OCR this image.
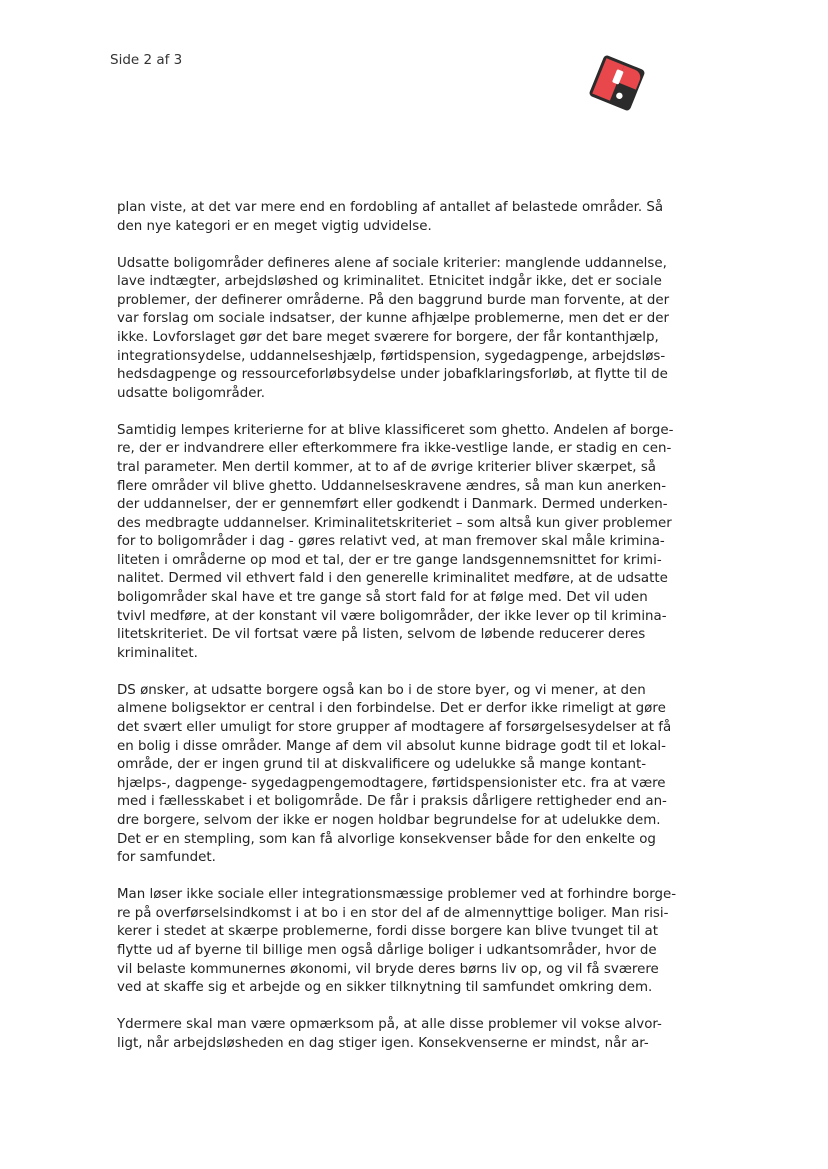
Side 2 af 3

plan viste, at det var mere end en fordobling af antallet af belastede områder. Så
den nye kategori er en meget vigtig udvidelse.

Udsatte boligområder defineres alene af sociale kriterier: manglende uddannelse,
lave indtægter, arbejdsløshed og kriminalitet. Etnicitet indgår ikke, det er sociale
problemer, der definerer områderne. På den baggrund burde man forvente, at der
var forslag om sociale indsatser, der kunne afhjælpe problemerne, men det er der
ikke. Lovforslaget gør det bare meget sværere for borgere, der får kontanthjælp,
integrationsydelse, uddannelseshjælp, førtidspension, sygedagpenge, arbejdsløs-
hedsdagpenge og ressourceforløbsydelse under jobafklaringsforløb, at flytte til de
udsatte boligområder.

Samtidig lempes kriterierne for at blive klassificeret som ghetto. Andelen af borge-
re, der er indvandrere eller efterkommere fra ikke-vestlige lande, er stadig en cen-
tral parameter. Men dertil kommer, at to af de øvrige kriterier bliver skærpet, så
flere områder vil blive ghetto. Uddannelseskravene ændres, så man kun anerken-
der uddannelser, der er gennemført eller godkendt i Danmark. Dermed underken-
des medbragte uddannelser. Kriminalitetskriteriet – som altså kun giver problemer
for to boligområder i dag - gøres relativt ved, at man fremover skal måle krimina-
liteten i områderne op mod et tal, der er tre gange landsgennemsnittet for krimi-
nalitet. Dermed vil ethvert fald i den generelle kriminalitet medføre, at de udsatte
boligområder skal have et tre gange så stort fald for at følge med. Det vil uden
tvivl medføre, at der konstant vil være boligområder, der ikke lever op til krimina-
litetskriteriet. De vil fortsat være på listen, selvom de løbende reducerer deres
kriminalitet.

DS ønsker, at udsatte borgere også kan bo i de store byer, og vi mener, at den
almene boligsektor er central i den forbindelse. Det er derfor ikke rimeligt at gøre
det svært eller umuligt for store grupper af modtagere af forsørgelsesydelser at få
en bolig i disse områder. Mange af dem vil absolut kunne bidrage godt til et lokal-
område, der er ingen grund til at diskvalificere og udelukke så mange kontant-
hjælps-, dagpenge- sygedagpengemodtagere, førtidspensionister etc. fra at være
med i fællesskabet i et boligområde. De får i praksis dårligere rettigheder end an-
dre borgere, selvom der ikke er nogen holdbar begrundelse for at udelukke dem.
Det er en stempling, som kan få alvorlige konsekvenser både for den enkelte og
for samfundet.

Man løser ikke sociale eller integrationsmæssige problemer ved at forhindre borge-
re på overførselsindkomst i at bo i en stor del af de almennyttige boliger. Man risi-
kerer i stedet at skærpe problemerne, fordi disse borgere kan blive tvunget til at
flytte ud af byerne til billige men også dårlige boliger i udkantsområder, hvor de
vil belaste kommunernes økonomi, vil bryde deres børns liv op, og vil få sværere
ved at skaffe sig et arbejde og en sikker tilknytning til samfundet omkring dem.

Ydermere skal man være opmærksom på, at alle disse problemer vil vokse alvor-
ligt, når arbejdsløsheden en dag stiger igen. Konsekvenserne er mindst, når ar-
